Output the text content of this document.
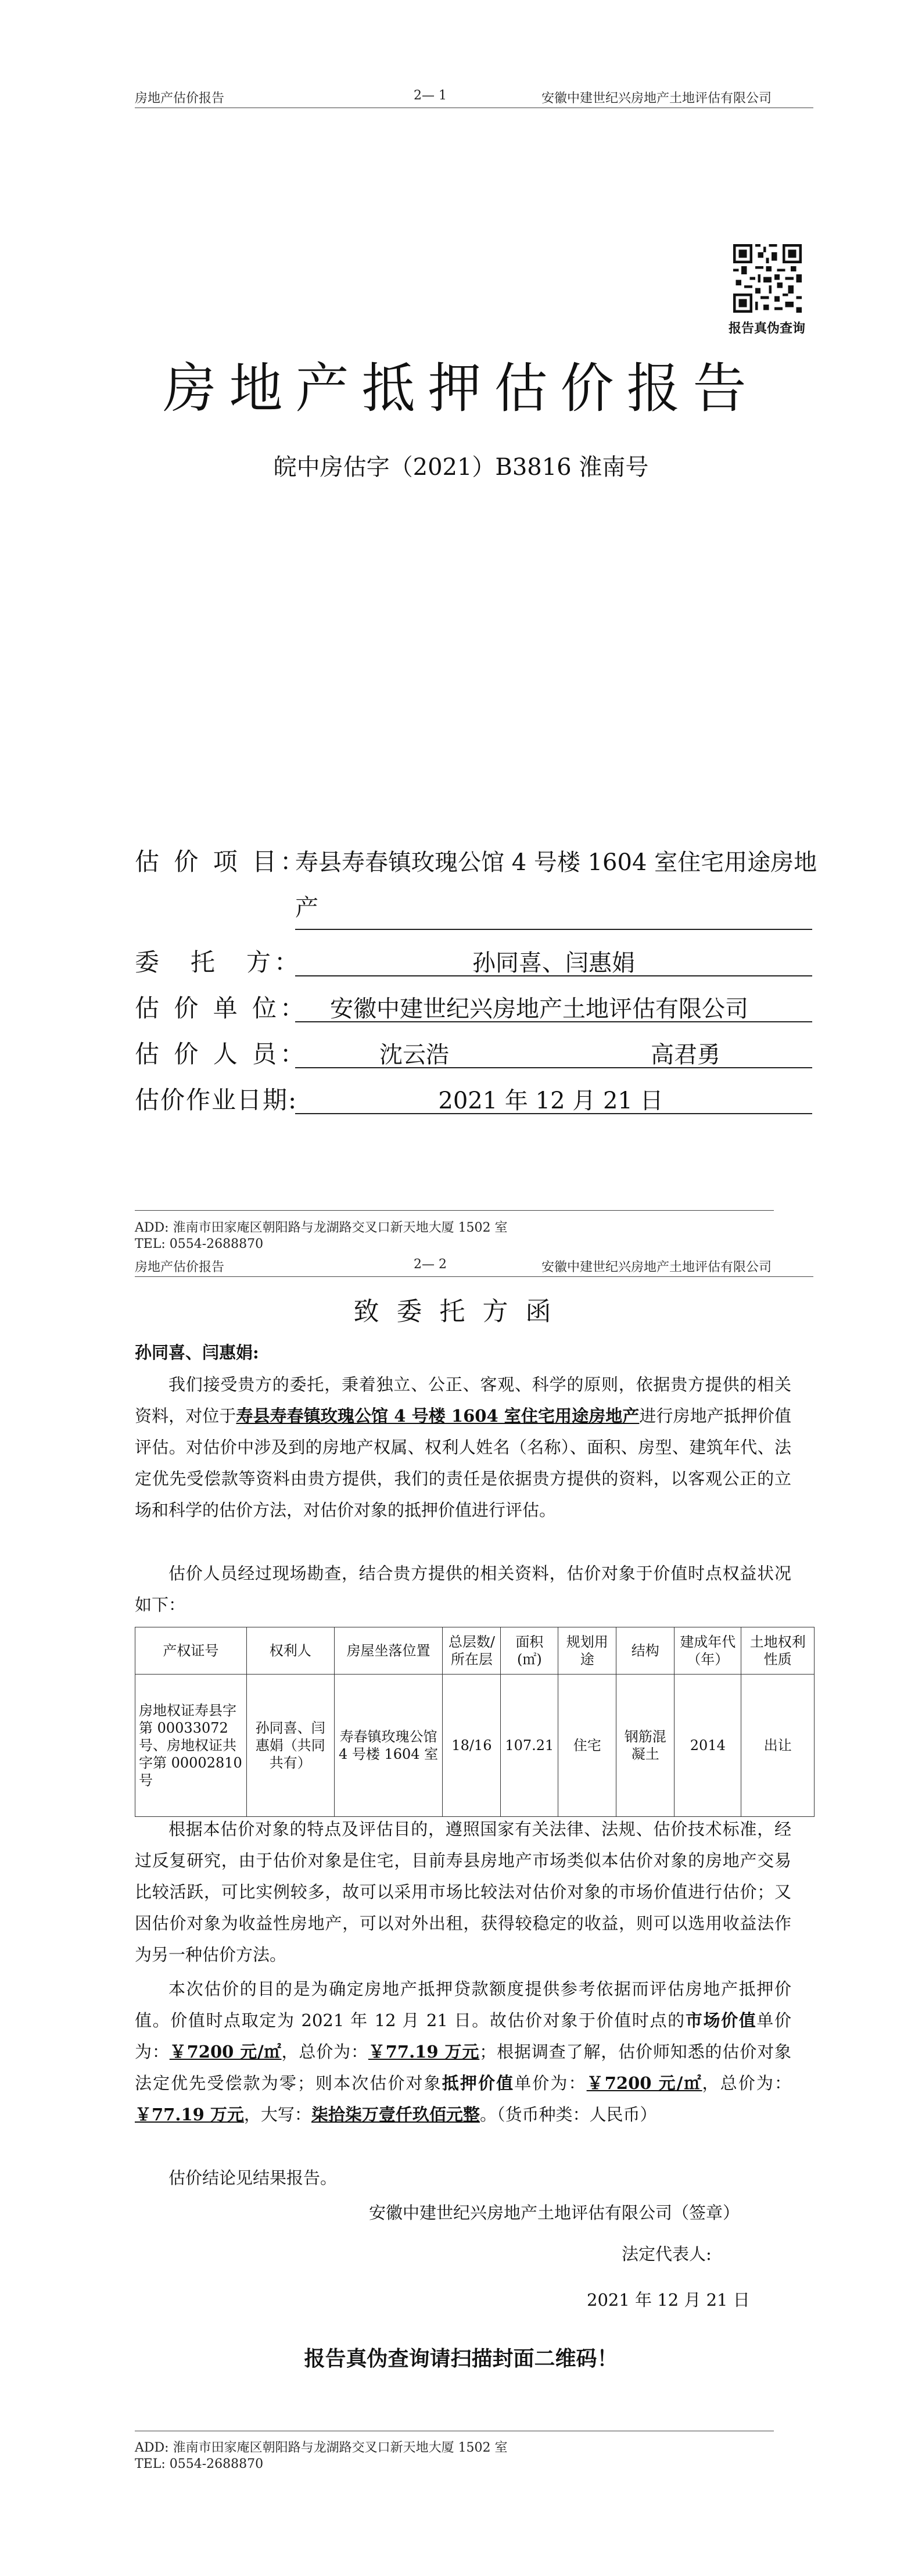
房地产估价报告	2— 1	安徽中建世纪兴房地产土地评估有限公司
报告真伪查询
房地产抵押估价报告
皖中房估字（2021）B3816 淮南号
估 价 项 目：
寿县寿春镇玫瑰公馆 4 号楼 1604 室住宅用途房地
产
委　托　方：	孙同喜、闫惠娟
估 价 单 位： 安徽中建世纪兴房地产土地评估有限公司
估 价 人 员：	沈云浩	高君勇
估价作业日期:	2021 年 12 月 21 日
ADD: 淮南市田家庵区朝阳路与龙湖路交叉口新天地大厦 1502 室
TEL: 0554-2688870
房地产估价报告	2— 2	安徽中建世纪兴房地产土地评估有限公司
致委托方函
孙同喜、闫惠娟:
我们接受贵方的委托，秉着独立、公正、客观、科学的原则，依据贵方提供的相关资料，对位于寿县寿春镇玫瑰公馆 4 号楼 1604 室住宅用途房地产进行房地产抵押价值评估。对估价中涉及到的房地产权属、权利人姓名（名称）、面积、房型、建筑年代、法定优先受偿款等资料由贵方提供，我们的责任是依据贵方提供的资料，以客观公正的立场和科学的估价方法，对估价对象的抵押价值进行评估。
估价人员经过现场勘查，结合贵方提供的相关资料，估价对象于价值时点权益状况如下：
产权证号	权利人	房屋坐落位置	总层数/所在层	面积(㎡)	规划用途	结构	建成年代（年）	土地权利性质
房地权证寿县字第 00033072 号、房地权证共字第 00002810 号	孙同喜、闫惠娟（共同共有）	寿春镇玫瑰公馆 4 号楼 1604 室	18/16	107.21	住宅	钢筋混凝土	2014	出让
根据本估价对象的特点及评估目的，遵照国家有关法律、法规、估价技术标准，经过反复研究，由于估价对象是住宅，目前寿县房地产市场类似本估价对象的房地产交易比较活跃，可比实例较多，故可以采用市场比较法对估价对象的市场价值进行估价；又因估价对象为收益性房地产，可以对外出租，获得较稳定的收益，则可以选用收益法作为另一种估价方法。
本次估价的目的是为确定房地产抵押贷款额度提供参考依据而评估房地产抵押价值。价值时点取定为 2021 年 12 月 21 日。故估价对象于价值时点的市场价值单价为：￥7200 元/㎡，总价为：￥77.19 万元；根据调查了解，估价师知悉的估价对象法定优先受偿款为零；则本次估价对象抵押价值单价为：￥7200 元/㎡，总价为：￥77.19 万元，大写：柒拾柒万壹仟玖佰元整。（货币种类：人民币）
估价结论见结果报告。
安徽中建世纪兴房地产土地评估有限公司（签章）
法定代表人:
2021 年 12 月 21 日
报告真伪查询请扫描封面二维码！
ADD: 淮南市田家庵区朝阳路与龙湖路交叉口新天地大厦 1502 室
TEL: 0554-2688870
